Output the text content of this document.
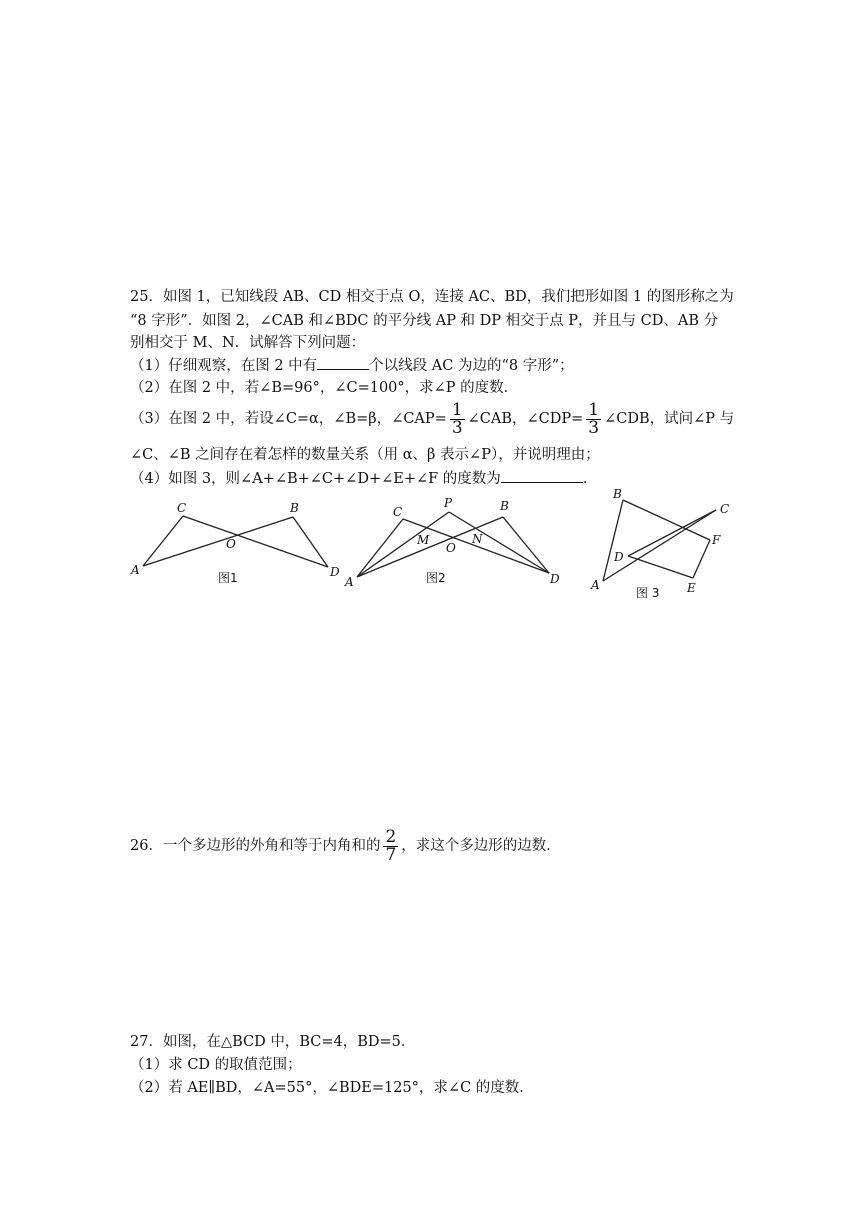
25．如图 1，已知线段 AB、CD 相交于点 O，连接 AC、BD，我们把形如图 1 的图形称之为
“8 字形”．如图 2，∠CAB 和∠BDC 的平分线 AP 和 DP 相交于点 P，并且与 CD、AB 分
别相交于 M、N．试解答下列问题：
（1）仔细观察，在图 2 中有	个以线段 AC 为边的“8 字形”；
（2）在图 2 中，若∠B=96°，∠C=100°，求∠P 的度数．
（3）在图 2 中，若设∠C=α，∠B=β，∠CAP= $\frac{1}{3}$ ∠CAB，∠CDP= $\frac{1}{3}$ ∠CDB，试问∠P 与
∠C、∠B 之间存在着怎样的数量关系（用 α、β 表示∠P），并说明理由；
（4）如图 3，则∠A+∠B+∠C+∠D+∠E+∠F 的度数为	．
A
C	B
D
O
图1	A
C
P	B
D
M	N
O
图2	A
B
C
D
E
F
图 3
26．一个多边形的外角和等于内角和的 $\frac{2}{7}$ ，求这个多边形的边数．
27．如图，在△BCD 中，BC=4，BD=5．
（1）求 CD 的取值范围；
（2）若 AE∥BD，∠A=55°，∠BDE=125°，求∠C 的度数．
